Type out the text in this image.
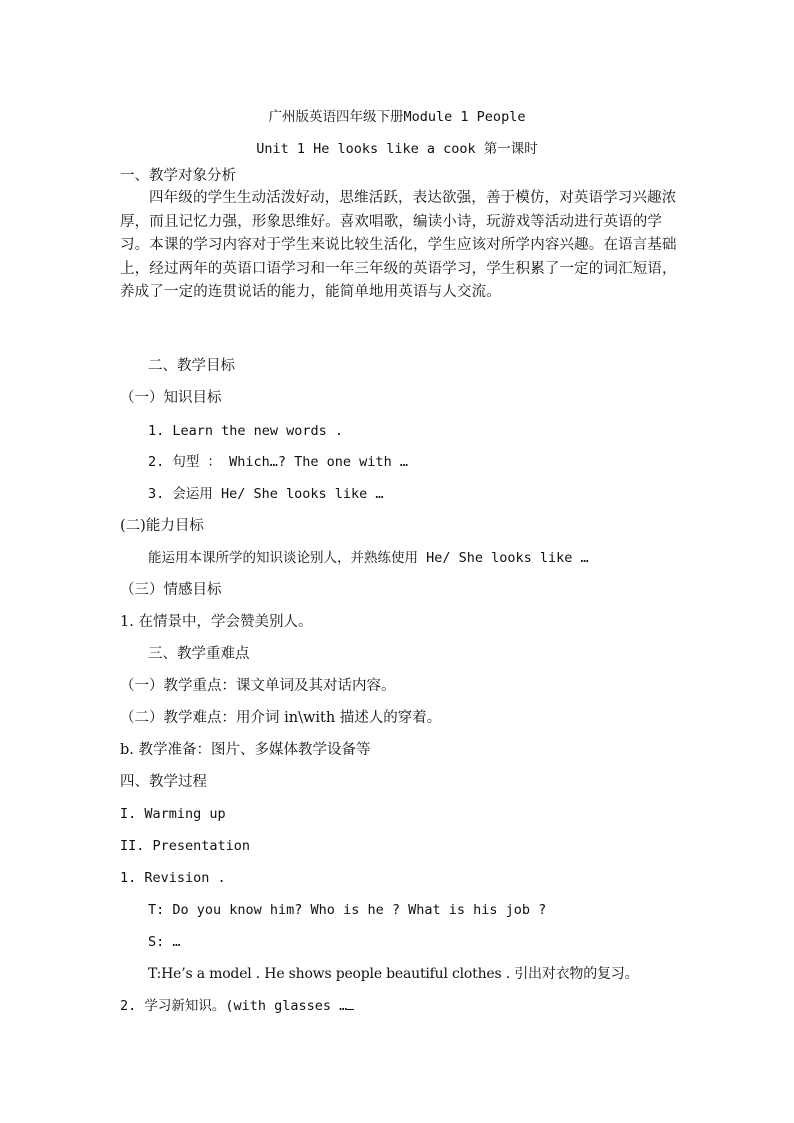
广州版英语四年级下册Module 1 People
Unit 1 He looks like a cook 第一课时
一、教学对象分析
四年级的学生生动活泼好动，思维活跃，表达欲强，善于模仿，对英语学习兴趣浓厚，而且记忆力强，形象思维好。喜欢唱歌，编读小诗，玩游戏等活动进行英语的学习。本课的学习内容对于学生来说比较生活化，学生应该对所学内容兴趣。在语言基础上，经过两年的英语口语学习和一年三年级的英语学习，学生积累了一定的词汇短语，养成了一定的连贯说话的能力，能简单地用英语与人交流。
二、教学目标
（一）知识目标
1. Learn the new words .
2. 句型 ： Which…? The one with …
3. 会运用 He/ She looks like …
(二)能力目标
能运用本课所学的知识谈论别人，并熟练使用 He/ She looks like …
（三）情感目标
1. 在情景中，学会赞美别人。
三、教学重难点
（一）教学重点：课文单词及其对话内容。
（二）教学难点：用介词 in\with 描述人的穿着。
b. 教学准备：图片、多媒体教学设备等
四、教学过程
I. Warming up
II. Presentation
1. Revision .
T: Do you know him? Who is he ? What is his job ?
S: …
T:He’s a model . He shows people beautiful clothes . 引出对衣物的复习。
2. 学习新知识。(with glasses …
